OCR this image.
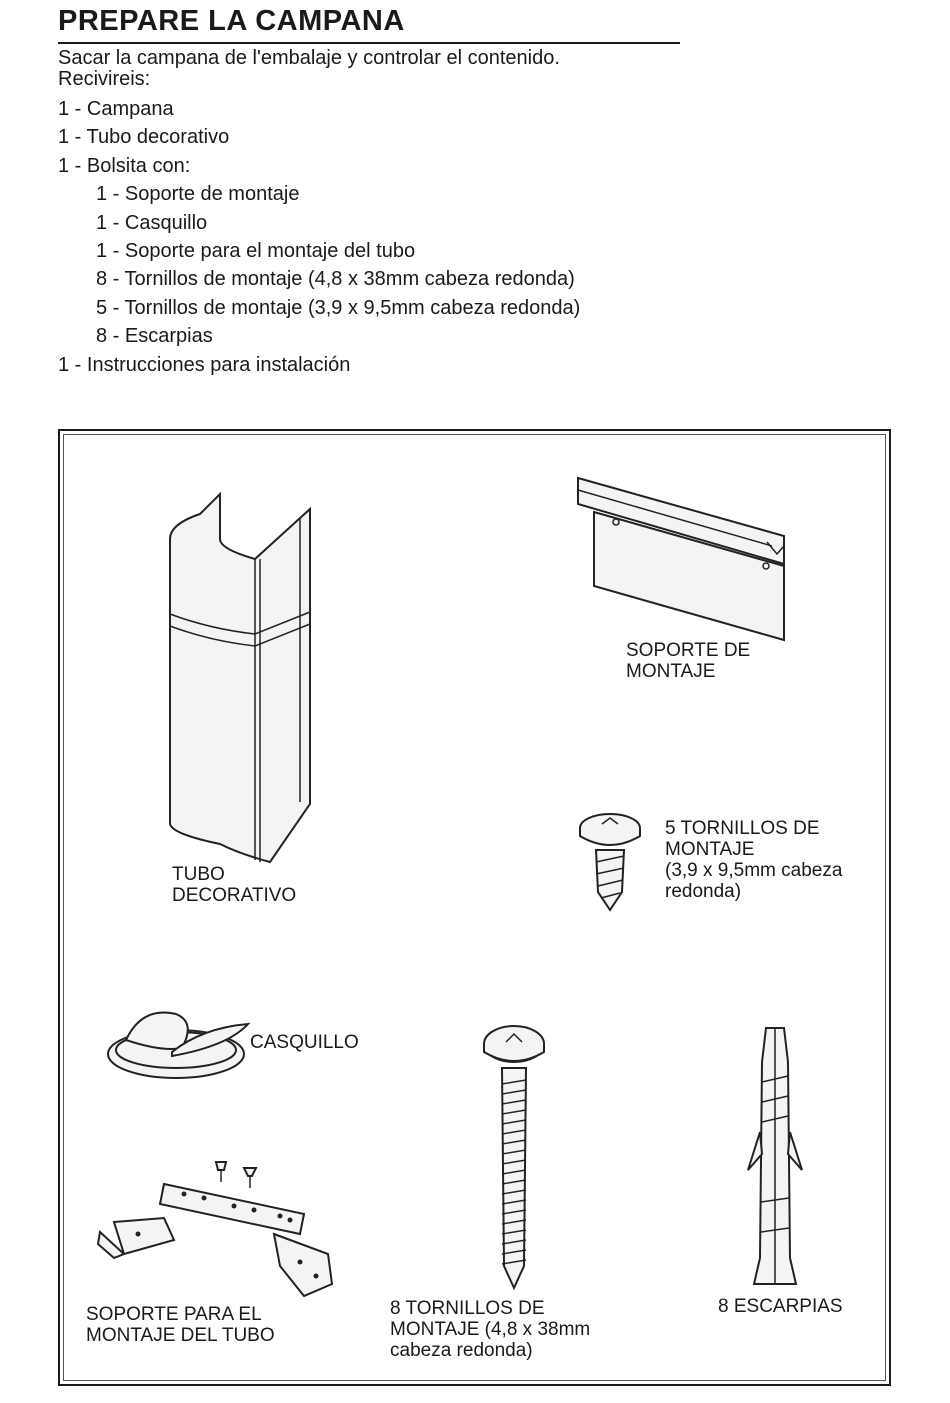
PREPARE LA CAMPANA
Sacar la campana de l'embalaje y controlar el contenido.
Recivireis:
1 - Campana
1 - Tubo decorativo
1 - Bolsita con:
1 - Soporte de montaje
1 - Casquillo
1 - Soporte para el montaje del tubo
8 - Tornillos de montaje (4,8 x 38mm cabeza redonda)
5 - Tornillos de montaje (3,9 x 9,5mm cabeza redonda)
8 - Escarpias
1 - Instrucciones para instalación
TUBO
DECORATIVO
SOPORTE DE
MONTAJE
5 TORNILLOS DE
MONTAJE
(3,9 x 9,5mm cabeza
redonda)
CASQUILLO
8 TORNILLOS DE
MONTAJE (4,8 x 38mm
cabeza redonda)
8 ESCARPIAS
SOPORTE PARA EL
MONTAJE DEL TUBO
